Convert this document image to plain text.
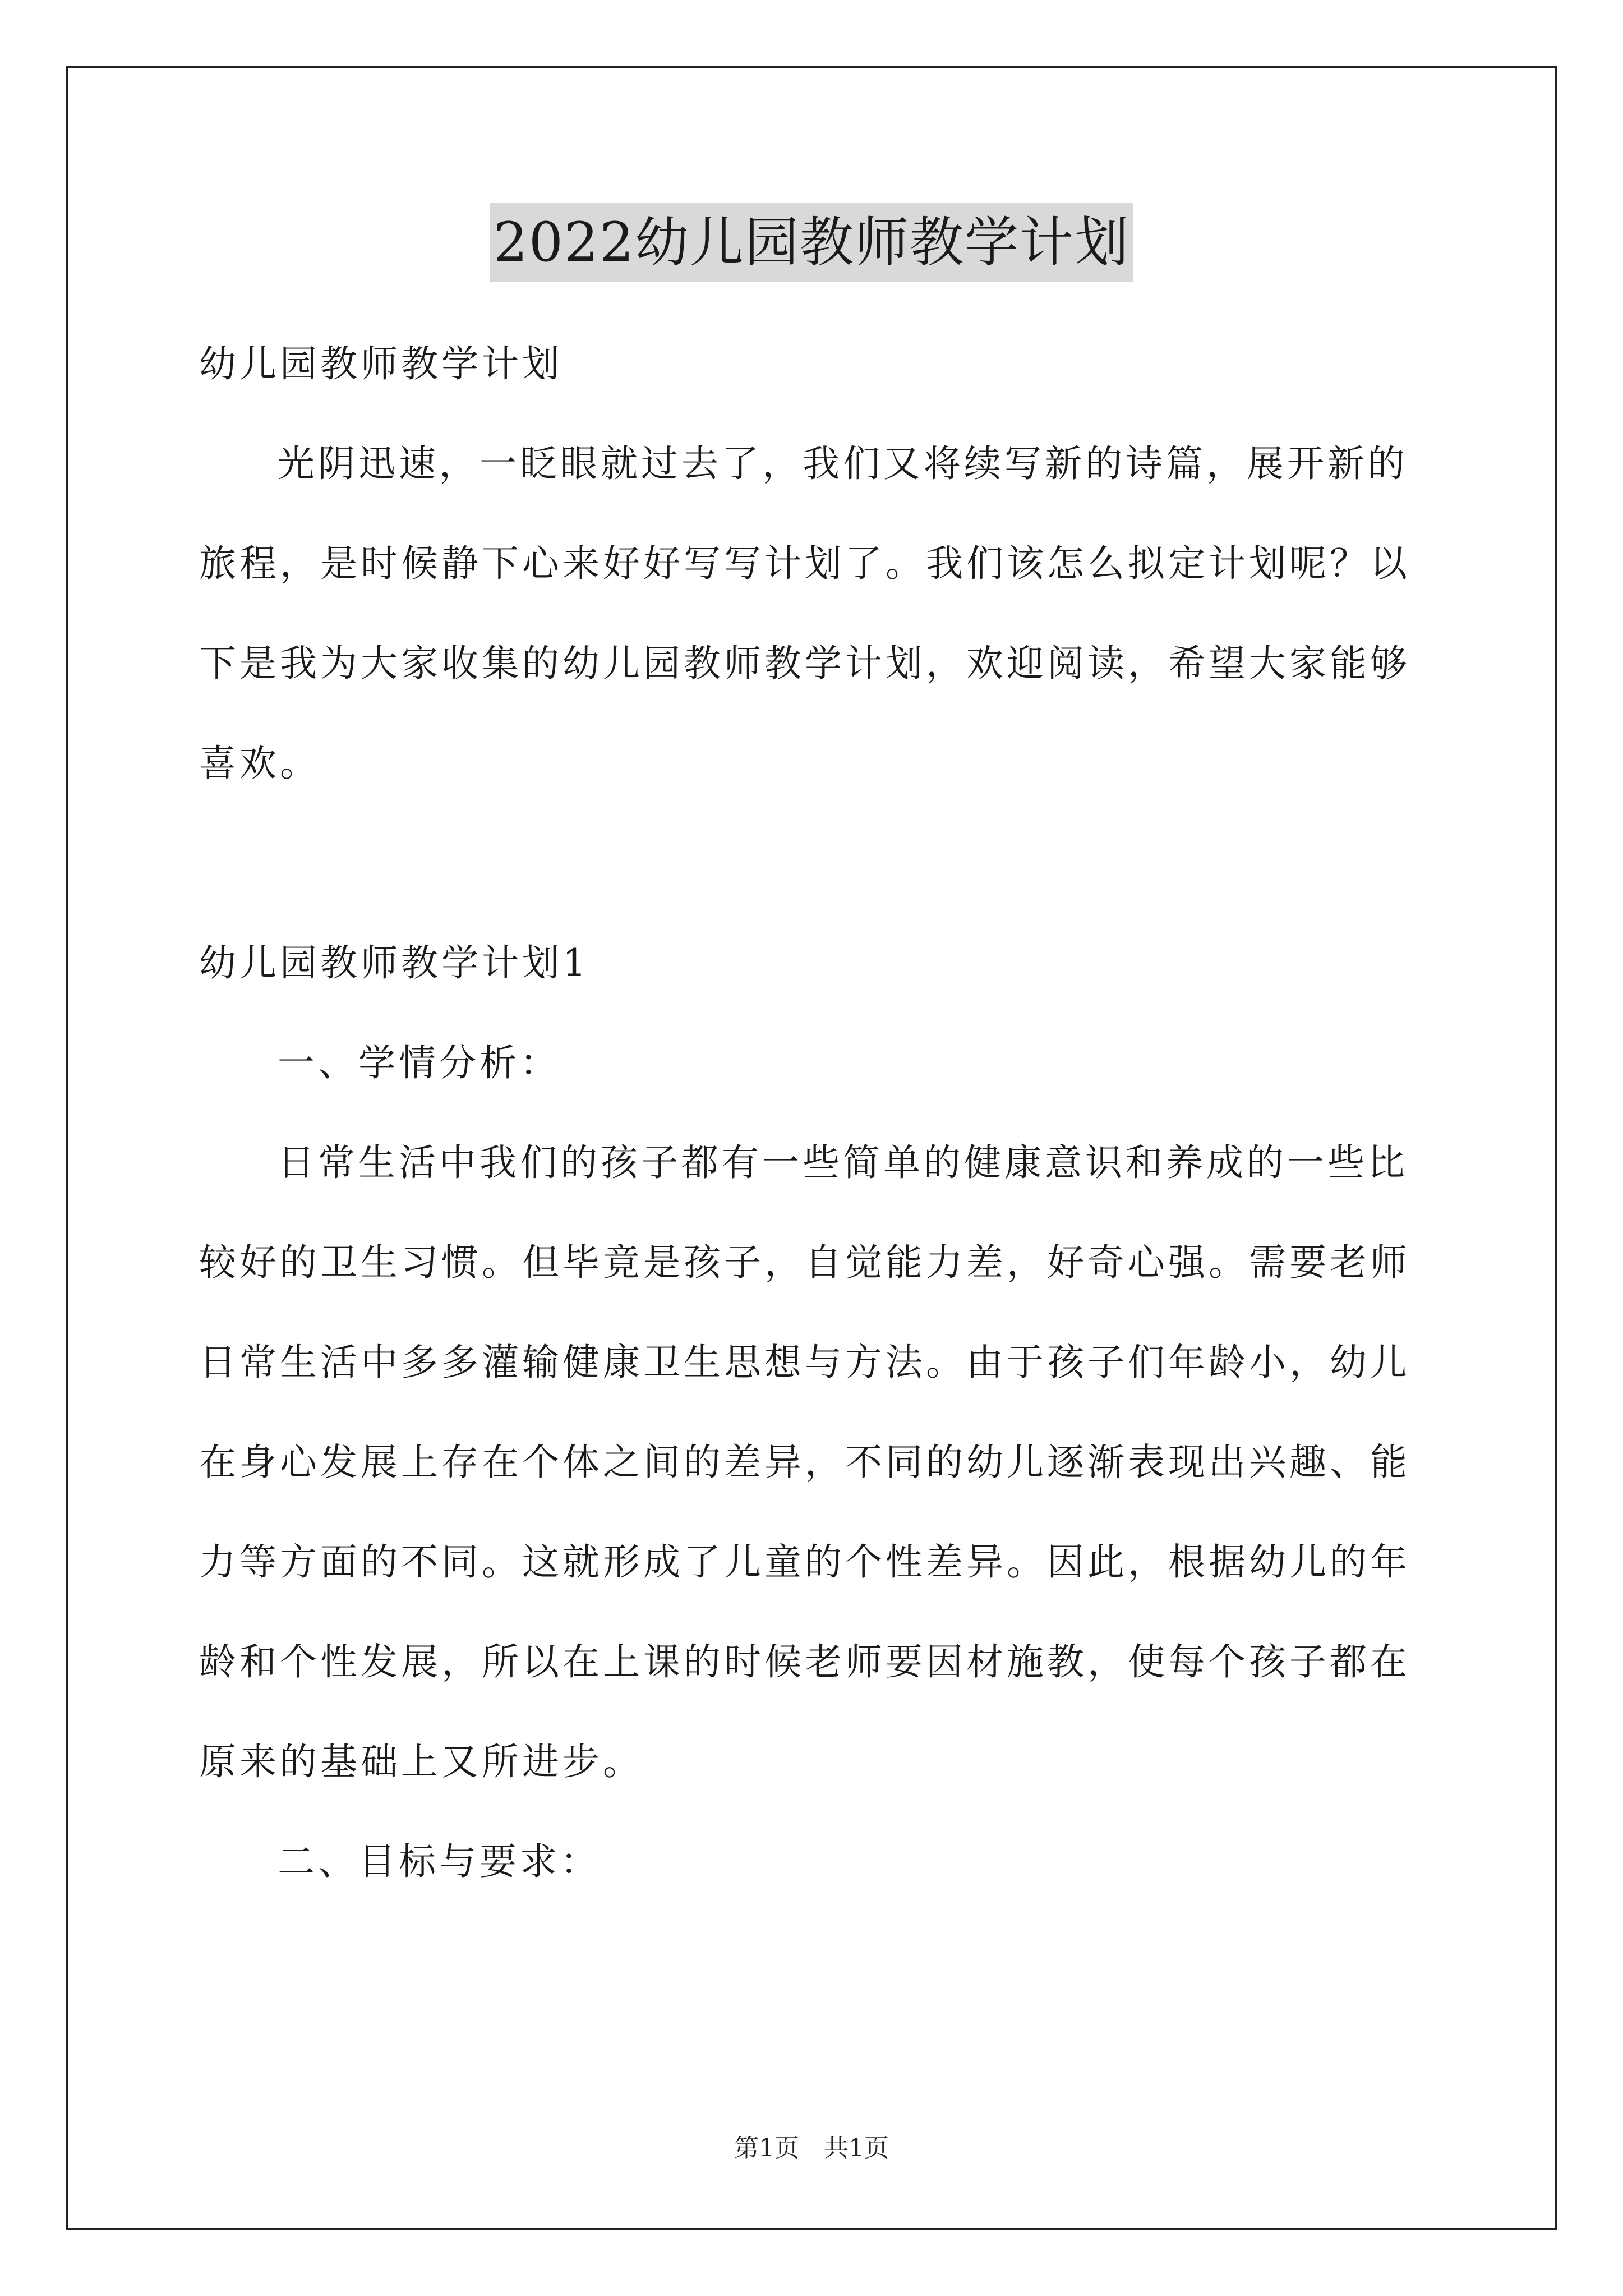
2022幼儿园教师教学计划

幼儿园教师教学计划

光阴迅速，一眨眼就过去了，我们又将续写新的诗篇，展开新的旅程，是时候静下心来好好写写计划了。我们该怎么拟定计划呢？以下是我为大家收集的幼儿园教师教学计划，欢迎阅读，希望大家能够喜欢。

幼儿园教师教学计划1

一、学情分析：

日常生活中我们的孩子都有一些简单的健康意识和养成的一些比较好的卫生习惯。但毕竟是孩子，自觉能力差，好奇心强。需要老师日常生活中多多灌输健康卫生思想与方法。由于孩子们年龄小，幼儿在身心发展上存在个体之间的差异，不同的幼儿逐渐表现出兴趣、能力等方面的不同。这就形成了儿童的个性差异。因此，根据幼儿的年龄和个性发展，所以在上课的时候老师要因材施教，使每个孩子都在原来的基础上又所进步。

二、目标与要求：

第1页　共1页
